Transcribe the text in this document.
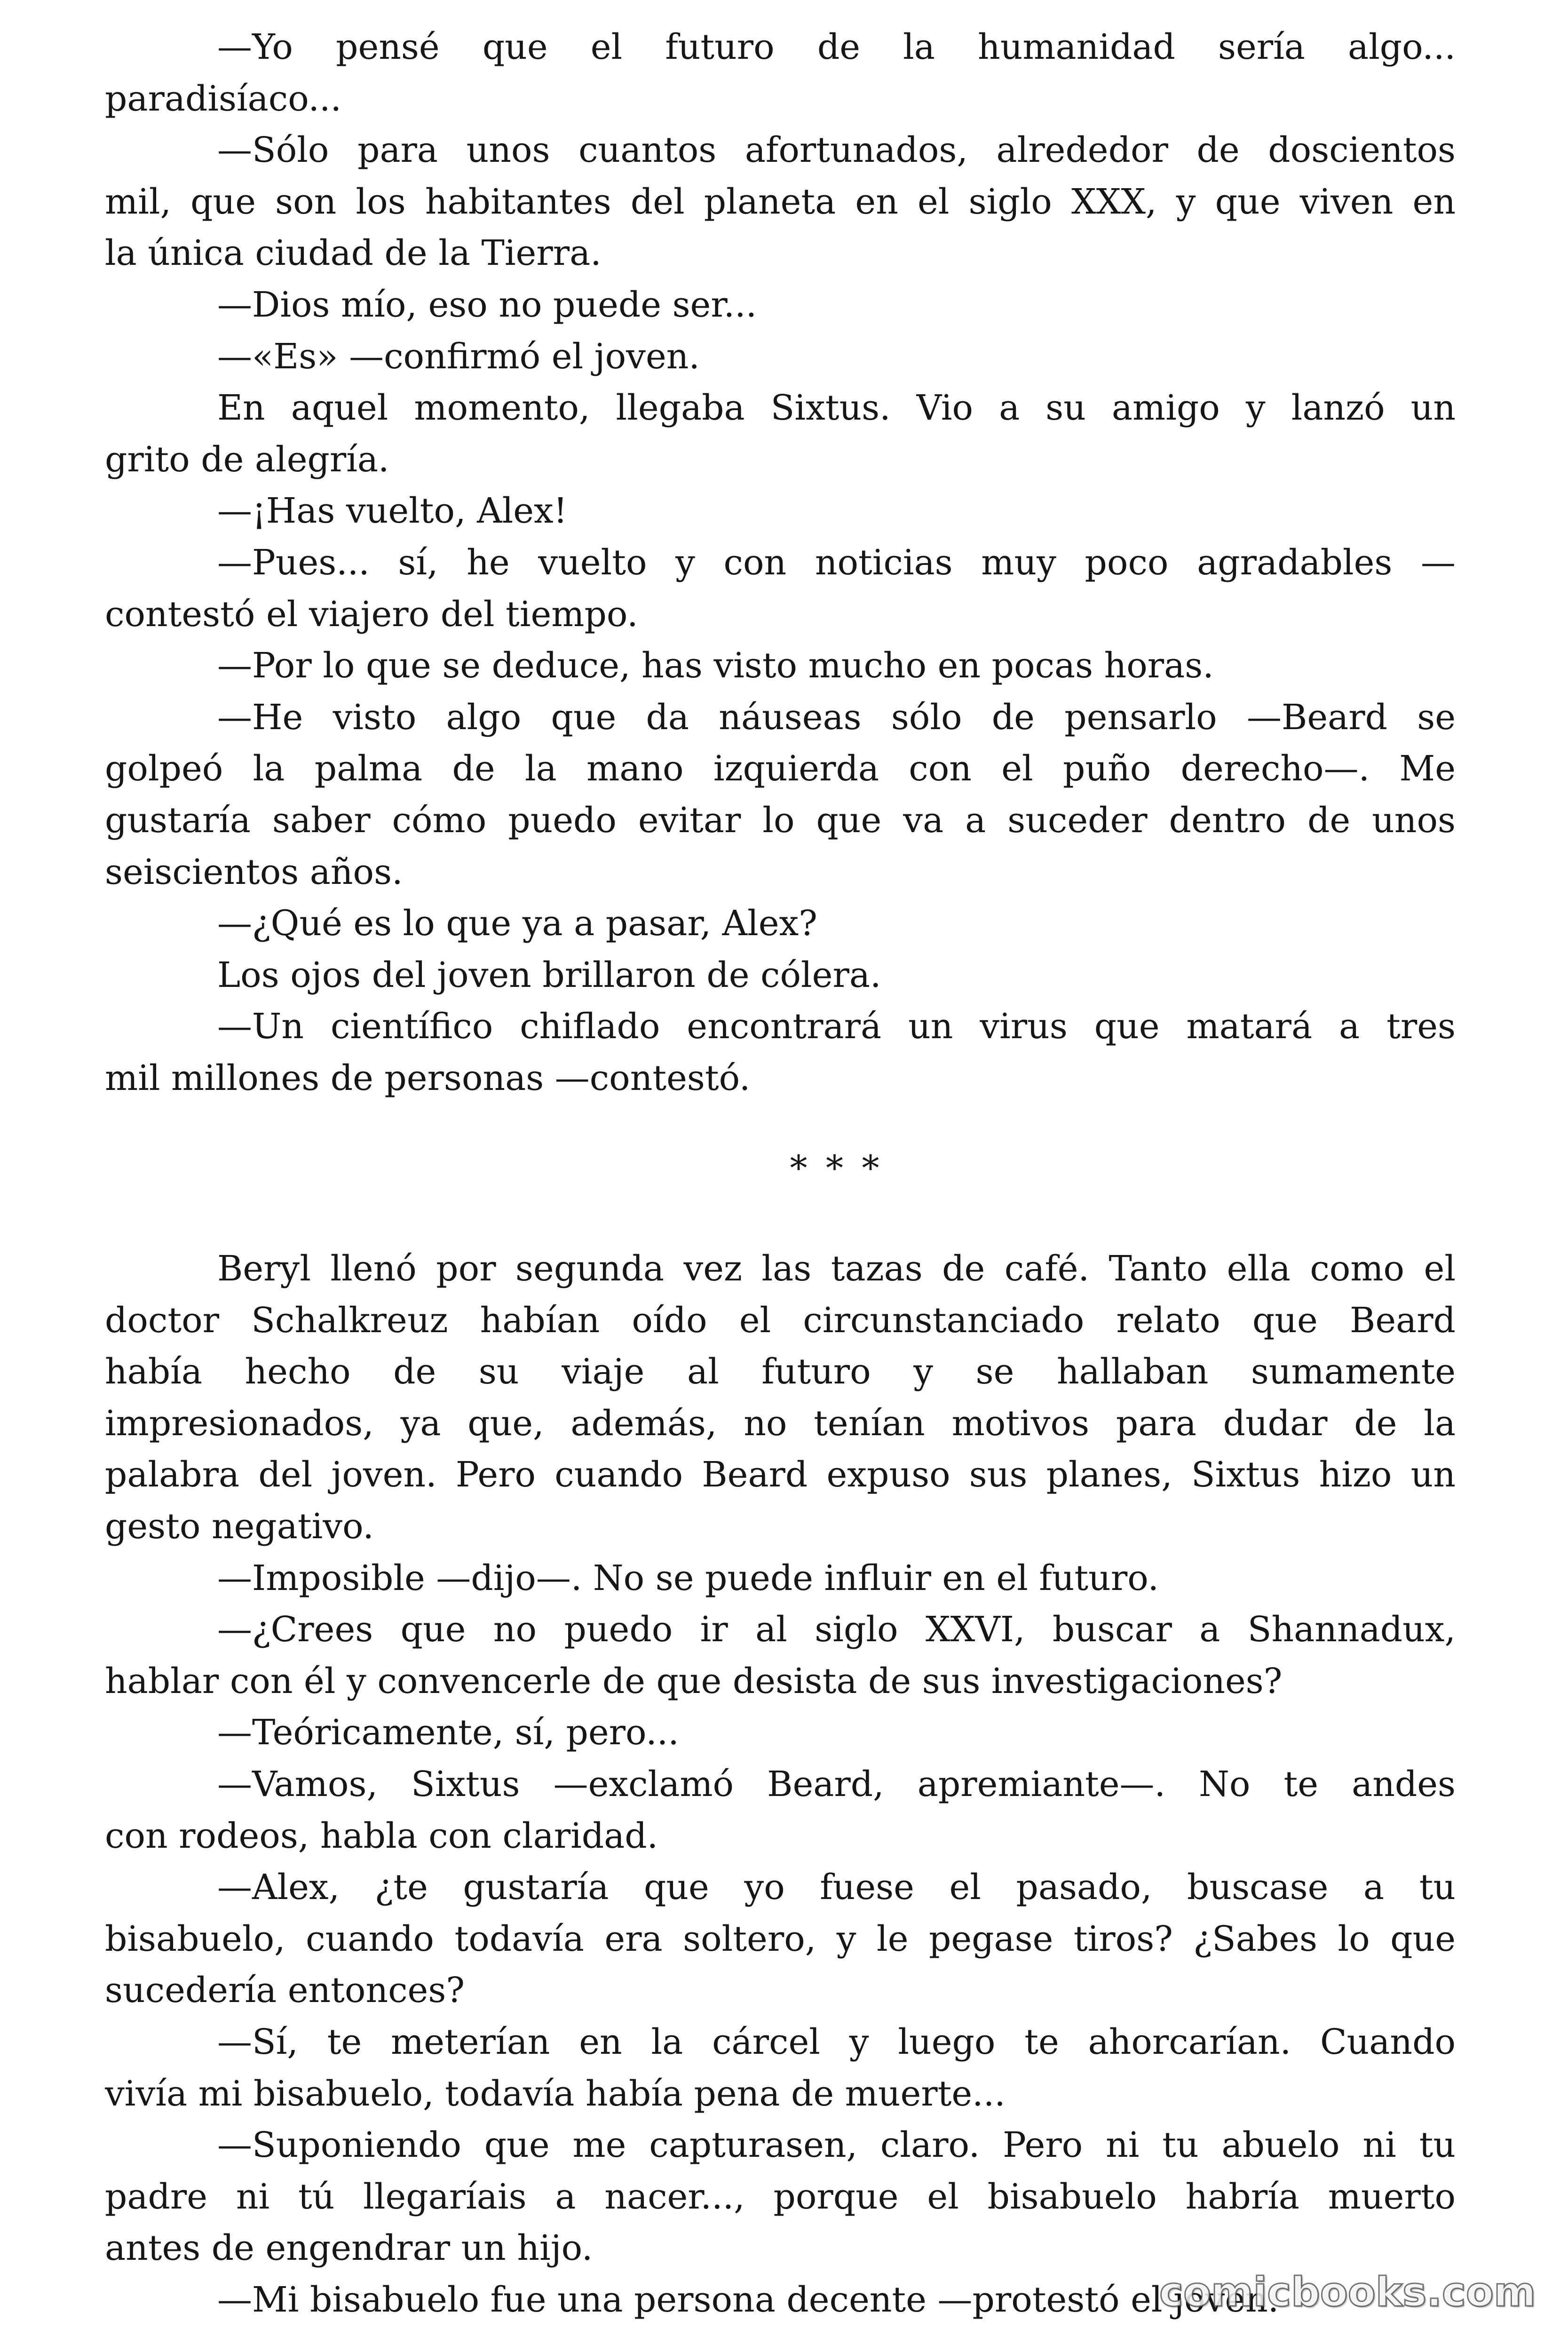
—Yo pensé que el futuro de la humanidad sería algo...
paradisíaco...
—Sólo para unos cuantos afortunados, alrededor de doscientos
mil, que son los habitantes del planeta en el siglo XXX, y que viven en
la única ciudad de la Tierra.
—Dios mío, eso no puede ser...
—«Es» —confirmó el joven.
En aquel momento, llegaba Sixtus. Vio a su amigo y lanzó un
grito de alegría.
—¡Has vuelto, Alex!
—Pues... sí, he vuelto y con noticias muy poco agradables —
contestó el viajero del tiempo.
—Por lo que se deduce, has visto mucho en pocas horas.
—He visto algo que da náuseas sólo de pensarlo —Beard se
golpeó la palma de la mano izquierda con el puño derecho—. Me
gustaría saber cómo puedo evitar lo que va a suceder dentro de unos
seiscientos años.
—¿Qué es lo que ya a pasar, Alex?
Los ojos del joven brillaron de cólera.
—Un científico chiflado encontrará un virus que matará a tres
mil millones de personas —contestó.
* * *
Beryl llenó por segunda vez las tazas de café. Tanto ella como el
doctor Schalkreuz habían oído el circunstanciado relato que Beard
había hecho de su viaje al futuro y se hallaban sumamente
impresionados, ya que, además, no tenían motivos para dudar de la
palabra del joven. Pero cuando Beard expuso sus planes, Sixtus hizo un
gesto negativo.
—Imposible —dijo—. No se puede influir en el futuro.
—¿Crees que no puedo ir al siglo XXVI, buscar a Shannadux,
hablar con él y convencerle de que desista de sus investigaciones?
—Teóricamente, sí, pero...
—Vamos, Sixtus —exclamó Beard, apremiante—. No te andes
con rodeos, habla con claridad.
—Alex, ¿te gustaría que yo fuese el pasado, buscase a tu
bisabuelo, cuando todavía era soltero, y le pegase tiros? ¿Sabes lo que
sucedería entonces?
—Sí, te meterían en la cárcel y luego te ahorcarían. Cuando
vivía mi bisabuelo, todavía había pena de muerte...
—Suponiendo que me capturasen, claro. Pero ni tu abuelo ni tu
padre ni tú llegaríais a nacer..., porque el bisabuelo habría muerto
antes de engendrar un hijo.
—Mi bisabuelo fue una persona decente —protestó el joven.
comicbooks.com
